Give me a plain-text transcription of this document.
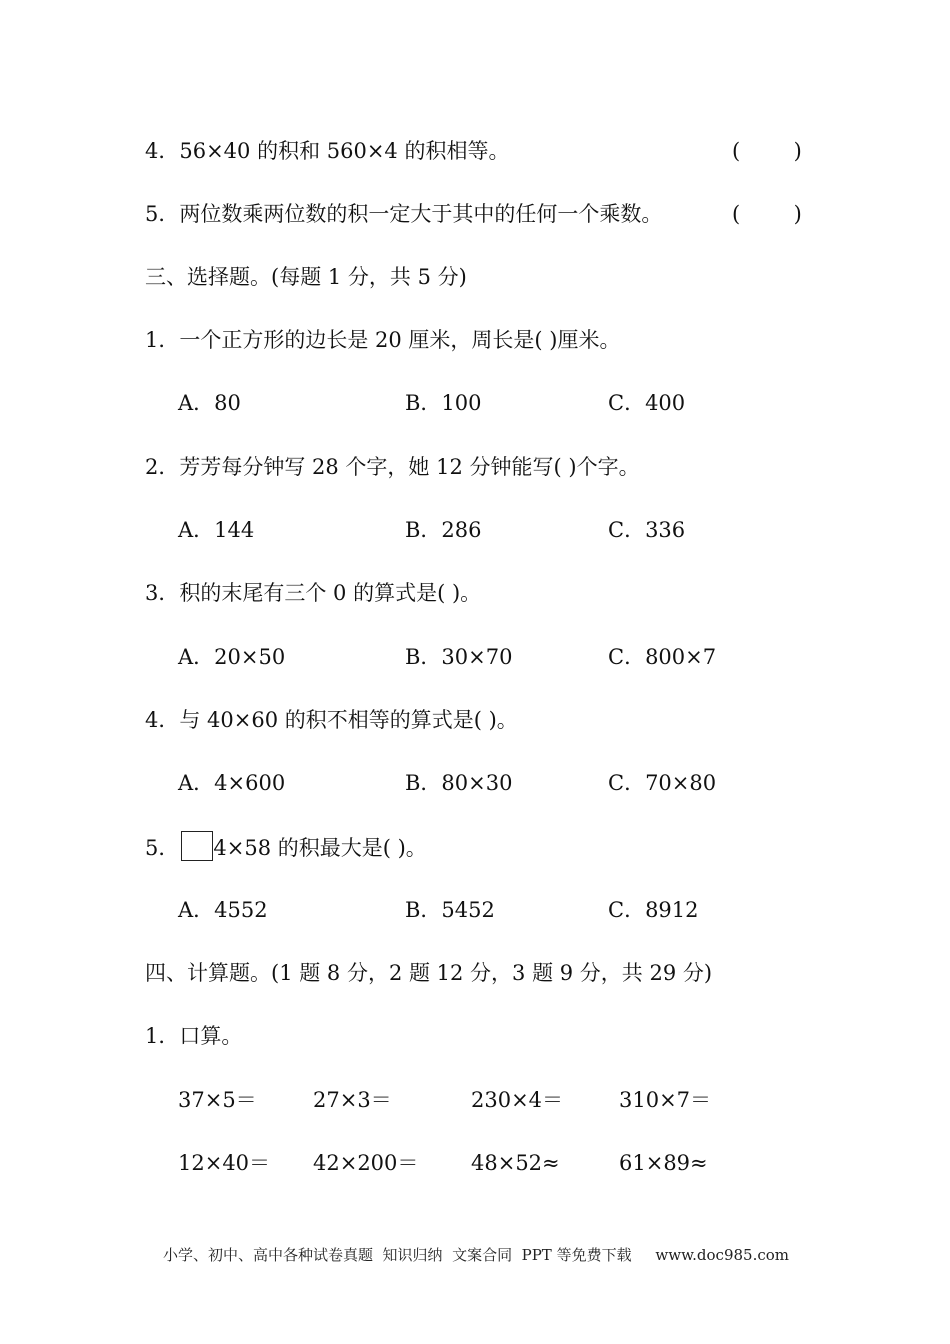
4．56×40 的积和 560×4 的积相等。	(        )
5．两位数乘两位数的积一定大于其中的任何一个乘数。	(        )
三、选择题。(每题 1 分，共 5 分)
1．一个正方形的边长是 20 厘米，周长是( )厘米。
A．80	B．100	C．400
2．芳芳每分钟写 28 个字，她 12 分钟能写( )个字。
A．144	B．286	C．336
3．积的末尾有三个 0 的算式是( )。
A．20×50	B．30×70	C．800×7
4．与 40×60 的积不相等的算式是( )。
A．4×600	B．80×30	C．70×80
5． 4×58 的积最大是( )。
A．4552	B．5452	C．8912
四、计算题。(1 题 8 分，2 题 12 分，3 题 9 分，共 29 分)
1．口算。
37×5＝	27×3＝	230×4＝	310×7＝
12×40＝ 42×200＝	48×52≈	61×89≈
小学、初中、高中各种试卷真题  知识归纳  文案合同  PPT 等免费下载     www.doc985.com
